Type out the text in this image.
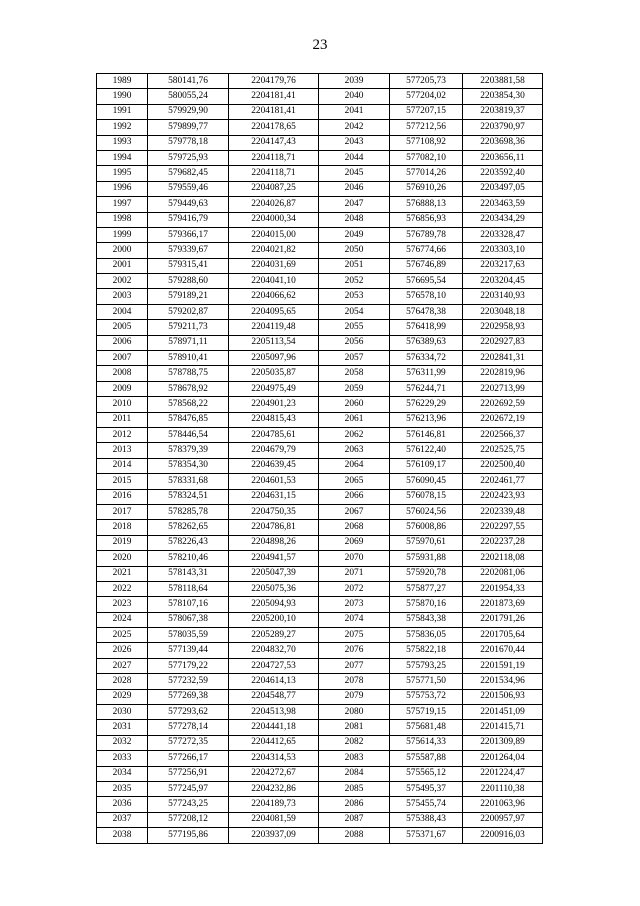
23
1989	580141,76	2204179,76	2039	577205,73	2203881,58
1990	580055,24	2204181,41	2040	577204,02	2203854,30
1991	579929,90	2204181,41	2041	577207,15	2203819,37
1992	579899,77	2204178,65	2042	577212,56	2203790,97
1993	579778,18	2204147,43	2043	577108,92	2203698,36
1994	579725,93	2204118,71	2044	577082,10	2203656,11
1995	579682,45	2204118,71	2045	577014,26	2203592,40
1996	579559,46	2204087,25	2046	576910,26	2203497,05
1997	579449,63	2204026,87	2047	576888,13	2203463,59
1998	579416,79	2204000,34	2048	576856,93	2203434,29
1999	579366,17	2204015,00	2049	576789,78	2203328,47
2000	579339,67	2204021,82	2050	576774,66	2203303,10
2001	579315,41	2204031,69	2051	576746,89	2203217,63
2002	579288,60	2204041,10	2052	576695,54	2203204,45
2003	579189,21	2204066,62	2053	576578,10	2203140,93
2004	579202,87	2204095,65	2054	576478,38	2203048,18
2005	579211,73	2204119,48	2055	576418,99	2202958,93
2006	578971,11	2205113,54	2056	576389,63	2202927,83
2007	578910,41	2205097,96	2057	576334,72	2202841,31
2008	578788,75	2205035,87	2058	576311,99	2202819,96
2009	578678,92	2204975,49	2059	576244,71	2202713,99
2010	578568,22	2204901,23	2060	576229,29	2202692,59
2011	578476,85	2204815,43	2061	576213,96	2202672,19
2012	578446,54	2204785,61	2062	576146,81	2202566,37
2013	578379,39	2204679,79	2063	576122,40	2202525,75
2014	578354,30	2204639,45	2064	576109,17	2202500,40
2015	578331,68	2204601,53	2065	576090,45	2202461,77
2016	578324,51	2204631,15	2066	576078,15	2202423,93
2017	578285,78	2204750,35	2067	576024,56	2202339,48
2018	578262,65	2204786,81	2068	576008,86	2202297,55
2019	578226,43	2204898,26	2069	575970,61	2202237,28
2020	578210,46	2204941,57	2070	575931,88	2202118,08
2021	578143,31	2205047,39	2071	575920,78	2202081,06
2022	578118,64	2205075,36	2072	575877,27	2201954,33
2023	578107,16	2205094,93	2073	575870,16	2201873,69
2024	578067,38	2205200,10	2074	575843,38	2201791,26
2025	578035,59	2205289,27	2075	575836,05	2201705,64
2026	577139,44	2204832,70	2076	575822,18	2201670,44
2027	577179,22	2204727,53	2077	575793,25	2201591,19
2028	577232,59	2204614,13	2078	575771,50	2201534,96
2029	577269,38	2204548,77	2079	575753,72	2201506,93
2030	577293,62	2204513,98	2080	575719,15	2201451,09
2031	577278,14	2204441,18	2081	575681,48	2201415,71
2032	577272,35	2204412,65	2082	575614,33	2201309,89
2033	577266,17	2204314,53	2083	575587,88	2201264,04
2034	577256,91	2204272,67	2084	575565,12	2201224,47
2035	577245,97	2204232,86	2085	575495,37	2201110,38
2036	577243,25	2204189,73	2086	575455,74	2201063,96
2037	577208,12	2204081,59	2087	575388,43	2200957,97
2038	577195,86	2203937,09	2088	575371,67	2200916,03
